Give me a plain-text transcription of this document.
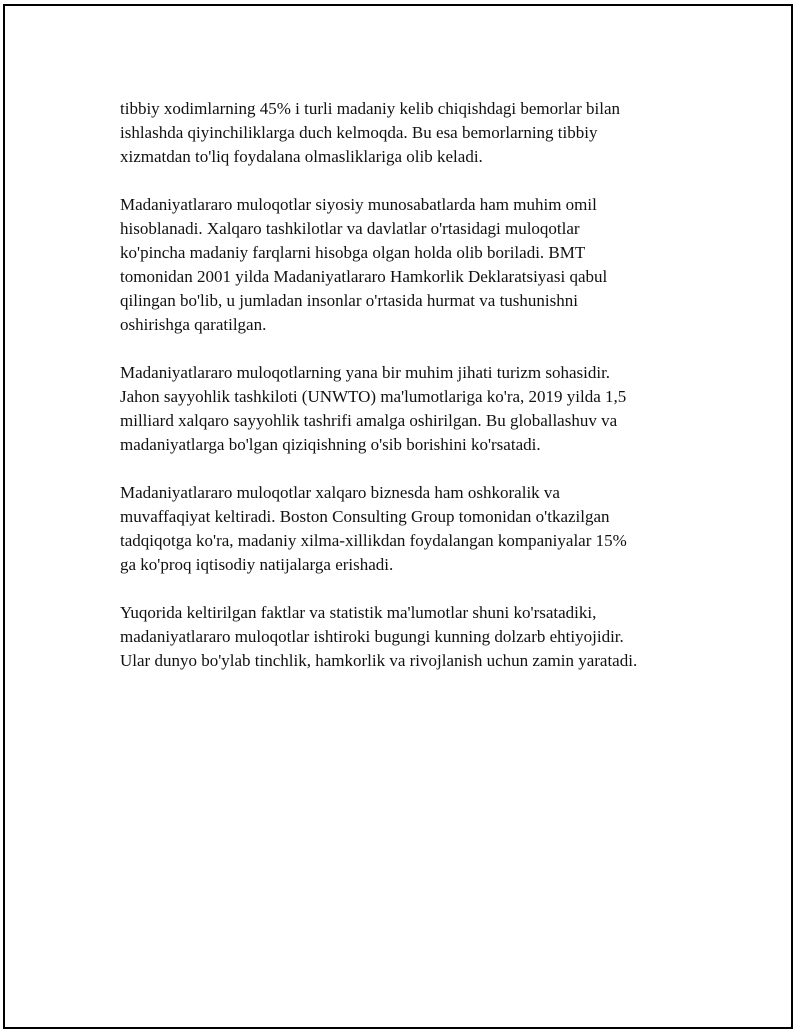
tibbiy xodimlarning 45% i turli madaniy kelib chiqishdagi bemorlar bilan
ishlashda qiyinchiliklarga duch kelmoqda. Bu esa bemorlarning tibbiy
xizmatdan to'liq foydalana olmasliklariga olib keladi.

Madaniyatlararo muloqotlar siyosiy munosabatlarda ham muhim omil
hisoblanadi. Xalqaro tashkilotlar va davlatlar o'rtasidagi muloqotlar
ko'pincha madaniy farqlarni hisobga olgan holda olib boriladi. BMT
tomonidan 2001 yilda Madaniyatlararo Hamkorlik Deklaratsiyasi qabul
qilingan bo'lib, u jumladan insonlar o'rtasida hurmat va tushunishni
oshirishga qaratilgan.

Madaniyatlararo muloqotlarning yana bir muhim jihati turizm sohasidir.
Jahon sayyohlik tashkiloti (UNWTO) ma'lumotlariga ko'ra, 2019 yilda 1,5
milliard xalqaro sayyohlik tashrifi amalga oshirilgan. Bu globallashuv va
madaniyatlarga bo'lgan qiziqishning o'sib borishini ko'rsatadi.

Madaniyatlararo muloqotlar xalqaro biznesda ham oshkoralik va
muvaffaqiyat keltiradi. Boston Consulting Group tomonidan o'tkazilgan
tadqiqotga ko'ra, madaniy xilma-xillikdan foydalangan kompaniyalar 15%
ga ko'proq iqtisodiy natijalarga erishadi.

Yuqorida keltirilgan faktlar va statistik ma'lumotlar shuni ko'rsatadiki,
madaniyatlararo muloqotlar ishtiroki bugungi kunning dolzarb ehtiyojidir.
Ular dunyo bo'ylab tinchlik, hamkorlik va rivojlanish uchun zamin yaratadi.
